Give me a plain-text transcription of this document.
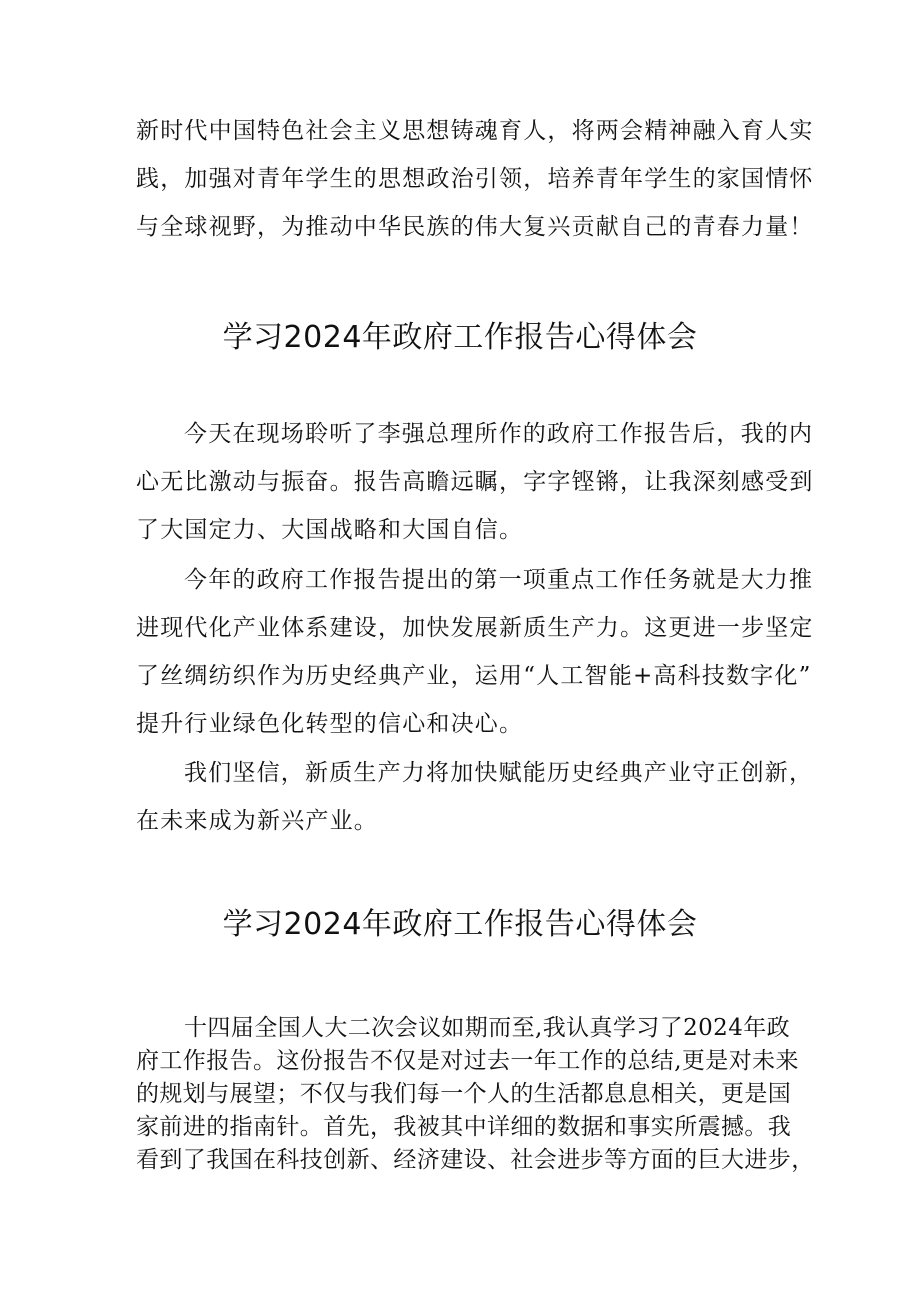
新时代中国特色社会主义思想铸魂育人，将两会精神融入育人实
践，加强对青年学生的思想政治引领，培养青年学生的家国情怀
与全球视野，为推动中华民族的伟大复兴贡献自己的青春力量！
学习2024年政府工作报告心得体会
今天在现场聆听了李强总理所作的政府工作报告后，我的内
心无比激动与振奋。报告高瞻远瞩，字字铿锵，让我深刻感受到
了大国定力、大国战略和大国自信。
今年的政府工作报告提出的第一项重点工作任务就是大力推
进现代化产业体系建设，加快发展新质生产力。这更进一步坚定
了丝绸纺织作为历史经典产业，运用“人工智能+高科技数字化”
提升行业绿色化转型的信心和决心。
我们坚信，新质生产力将加快赋能历史经典产业守正创新，
在未来成为新兴产业。
学习2024年政府工作报告心得体会
十四届全国人大二次会议如期而至,我认真学习了2024年政
府工作报告。这份报告不仅是对过去一年工作的总结,更是对未来
的规划与展望；不仅与我们每一个人的生活都息息相关，更是国
家前进的指南针。首先，我被其中详细的数据和事实所震撼。我
看到了我国在科技创新、经济建设、社会进步等方面的巨大进步，
